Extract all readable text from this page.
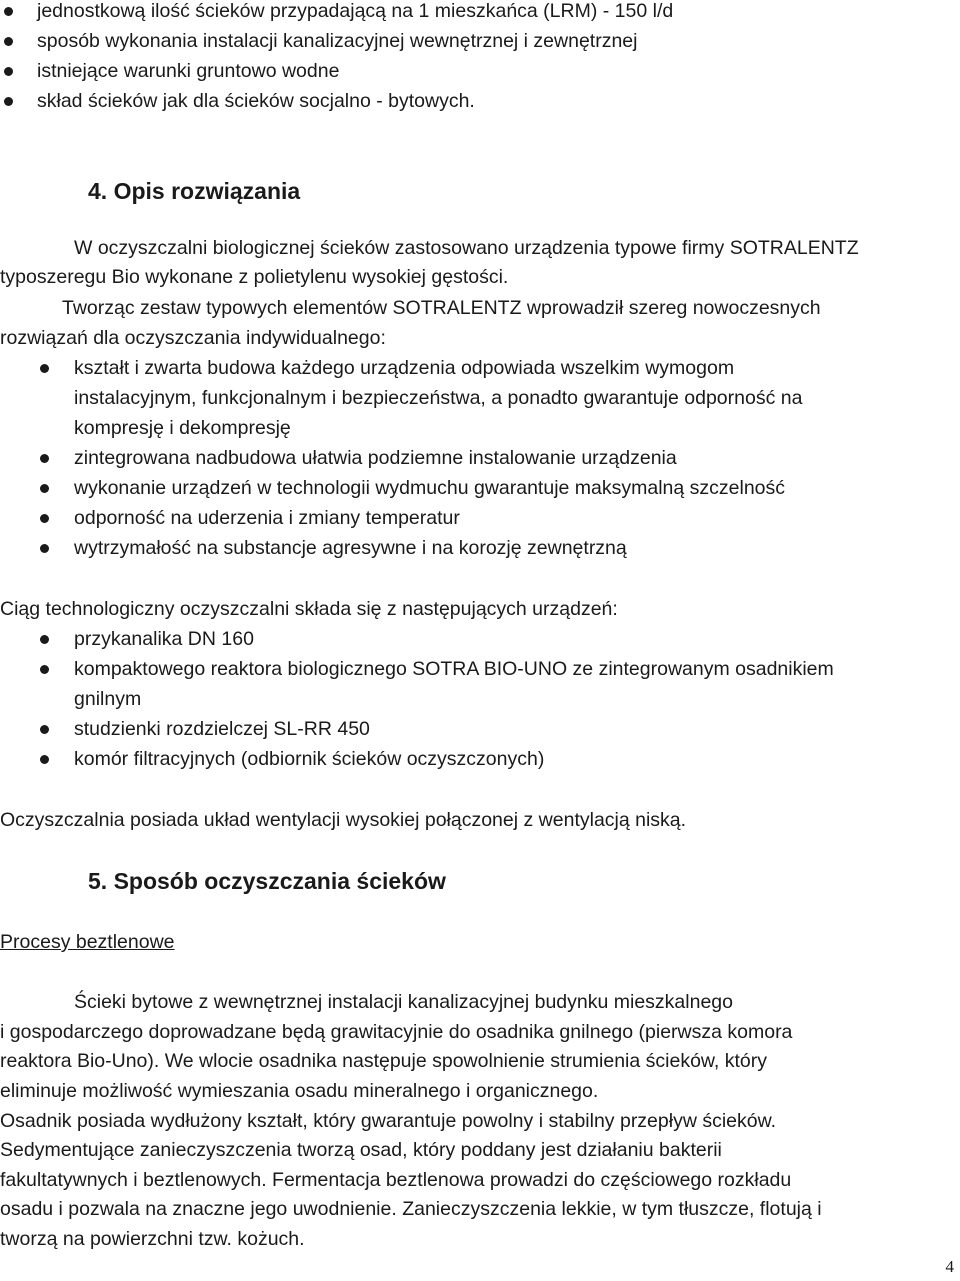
jednostkową ilość ścieków przypadającą na 1 mieszkańca (LRM) - 150 l/d
sposób wykonania instalacji kanalizacyjnej wewnętrznej i zewnętrznej
istniejące warunki gruntowo wodne
skład ścieków jak dla ścieków socjalno - bytowych.
4. Opis rozwiązania
W oczyszczalni biologicznej ścieków zastosowano urządzenia typowe firmy SOTRALENTZ
typoszeregu Bio wykonane z polietylenu wysokiej gęstości.
Tworząc zestaw typowych elementów SOTRALENTZ wprowadził szereg nowoczesnych
rozwiązań dla oczyszczania indywidualnego:
kształt i zwarta budowa każdego urządzenia odpowiada wszelkim wymogom
instalacyjnym, funkcjonalnym i bezpieczeństwa, a ponadto gwarantuje odporność na
kompresję i dekompresję
zintegrowana nadbudowa ułatwia podziemne instalowanie urządzenia
wykonanie urządzeń w technologii wydmuchu gwarantuje maksymalną szczelność
odporność na uderzenia i zmiany temperatur
wytrzymałość na substancje agresywne i na korozję zewnętrzną
Ciąg technologiczny oczyszczalni składa się z następujących urządzeń:
przykanalika DN 160
kompaktowego reaktora biologicznego SOTRA BIO-UNO ze zintegrowanym osadnikiem
gnilnym
studzienki rozdzielczej SL-RR 450
komór filtracyjnych (odbiornik ścieków oczyszczonych)
Oczyszczalnia posiada układ wentylacji wysokiej połączonej z wentylacją niską.
5. Sposób oczyszczania ścieków
Procesy beztlenowe
Ścieki bytowe z wewnętrznej instalacji kanalizacyjnej budynku mieszkalnego
i gospodarczego doprowadzane będą grawitacyjnie do osadnika gnilnego (pierwsza komora
reaktora Bio-Uno). We wlocie osadnika następuje spowolnienie strumienia ścieków, który
eliminuje możliwość wymieszania osadu mineralnego i organicznego.
Osadnik posiada wydłużony kształt, który gwarantuje powolny i stabilny przepływ ścieków.
Sedymentujące zanieczyszczenia tworzą osad, który poddany jest działaniu bakterii
fakultatywnych i beztlenowych. Fermentacja beztlenowa prowadzi do częściowego rozkładu
osadu i pozwala na znaczne jego uwodnienie. Zanieczyszczenia lekkie, w tym tłuszcze, flotują i
tworzą na powierzchni tzw. kożuch.
4
